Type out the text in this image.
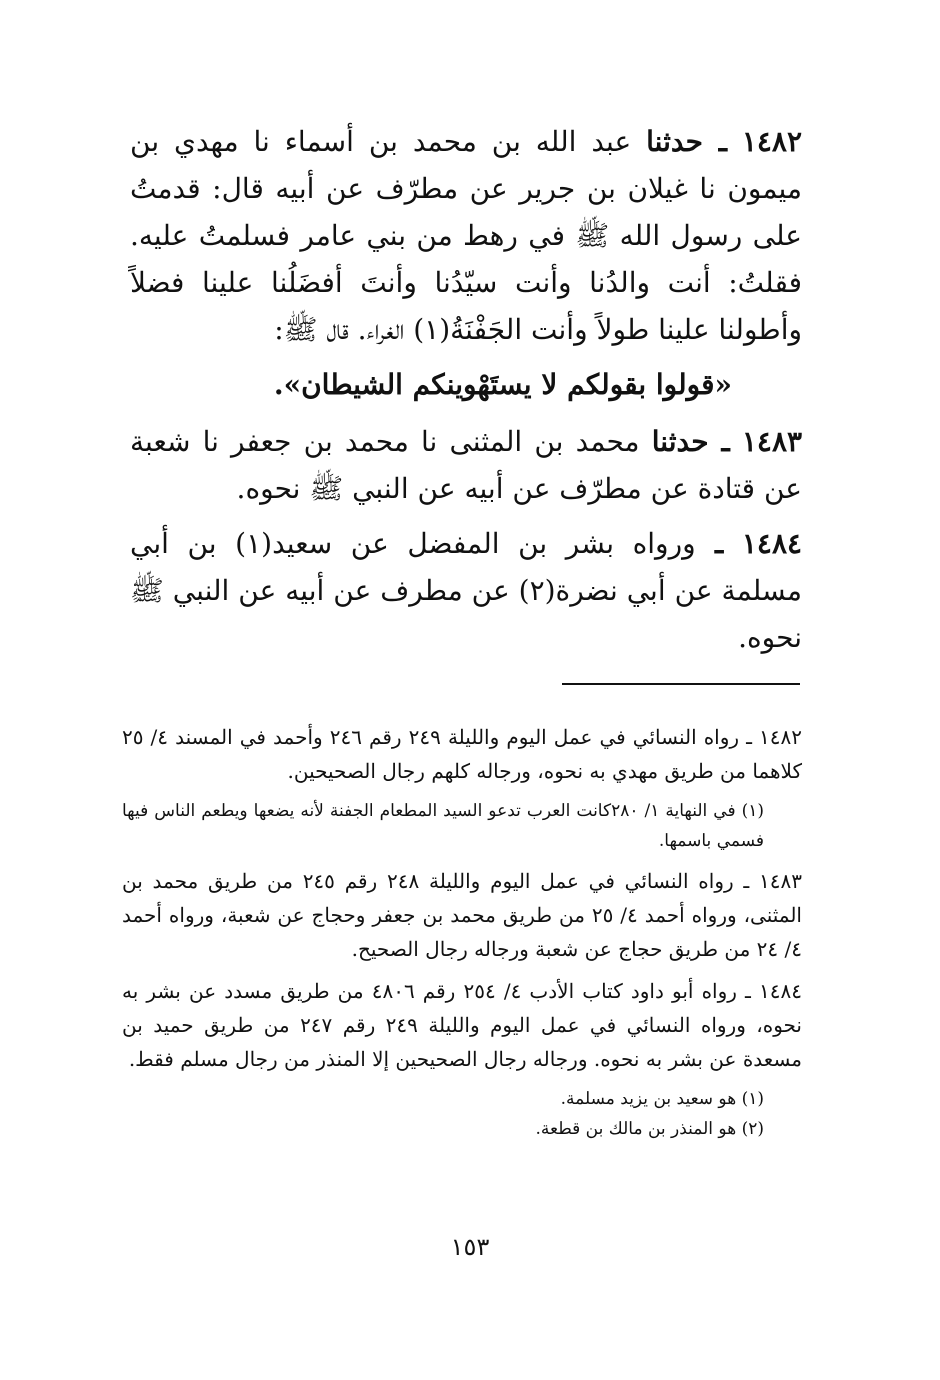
١٤٨٢ ـ حدثنا عبد الله بن محمد بن أسماء نا مهدي بن ميمون نا غيلان بن جرير عن مطرّف عن أبيه قال: قدمتُ على رسول الله ﷺ في رهط من بني عامر فسلمتُ عليه. فقلتُ: أنت والدُنا وأنت سيّدُنا وأنتَ أفضَلُنا علينا فضلاً وأطولنا علينا طولاً وأنت الجَفْنَةُ(١) الغراء. قال ﷺ:

«قولوا بقولكم لا يستَهْوينكم الشيطان».

١٤٨٣ ـ حدثنا محمد بن المثنى نا محمد بن جعفر نا شعبة عن قتادة عن مطرّف عن أبيه عن النبي ﷺ نحوه.

١٤٨٤ ـ ورواه بشر بن المفضل عن سعيد(١) بن أبي مسلمة عن أبي نضرة(٢) عن مطرف عن أبيه عن النبي ﷺ نحوه.

١٤٨٢ ـ رواه النسائي في عمل اليوم والليلة ٢٤٩ رقم ٢٤٦ وأحمد في المسند ٤/ ٢٥ كلاهما من طريق مهدي به نحوه، ورجاله كلهم رجال الصحيحين.

(١) في النهاية ١/ ٢٨٠كانت العرب تدعو السيد المطعام الجفنة لأنه يضعها ويطعم الناس فيها فسمي باسمها.

١٤٨٣ ـ رواه النسائي في عمل اليوم والليلة ٢٤٨ رقم ٢٤٥ من طريق محمد بن المثنى، ورواه أحمد ٤/ ٢٥ من طريق محمد بن جعفر وحجاج عن شعبة، ورواه أحمد ٤/ ٢٤ من طريق حجاج عن شعبة ورجاله رجال الصحيح.

١٤٨٤ ـ رواه أبو داود كتاب الأدب ٤/ ٢٥٤ رقم ٤٨٠٦ من طريق مسدد عن بشر به نحوه، ورواه النسائي في عمل اليوم والليلة ٢٤٩ رقم ٢٤٧ من طريق حميد بن مسعدة عن بشر به نحوه. ورجاله رجال الصحيحين إلا المنذر من رجال مسلم فقط.

(١) هو سعيد بن يزيد مسلمة.

(٢) هو المنذر بن مالك بن قطعة.

١٥٣
